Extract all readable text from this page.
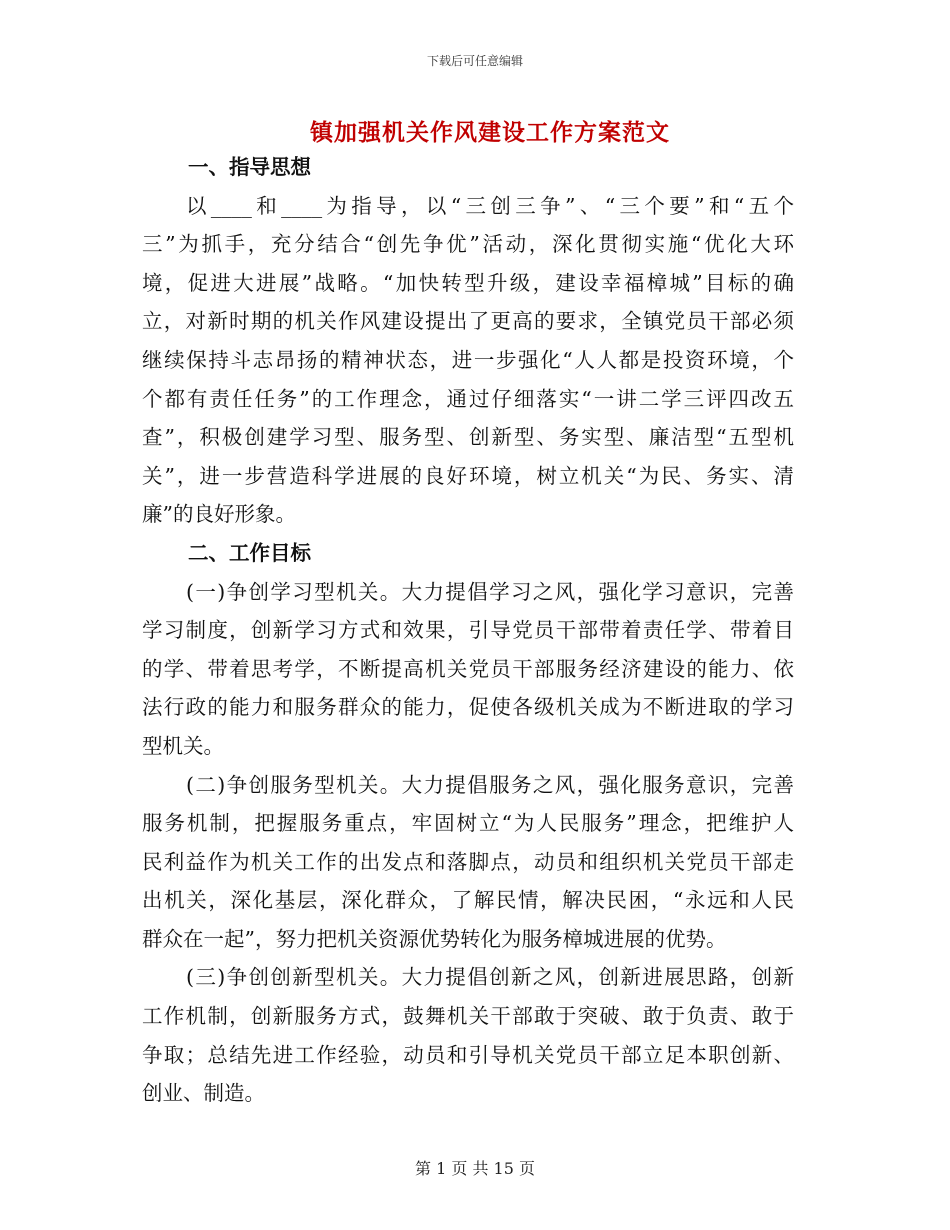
下载后可任意编辑
镇加强机关作风建设工作方案范文
一、指导思想
以____和____为指导，以“三创三争”、“三个要”和“五个
三”为抓手，充分结合“创先争优”活动，深化贯彻实施“优化大环
境，促进大进展”战略。“加快转型升级，建设幸福樟城”目标的确
立，对新时期的机关作风建设提出了更高的要求，全镇党员干部必须
继续保持斗志昂扬的精神状态，进一步强化“人人都是投资环境，个
个都有责任任务”的工作理念，通过仔细落实“一讲二学三评四改五
查”，积极创建学习型、服务型、创新型、务实型、廉洁型“五型机
关”，进一步营造科学进展的良好环境，树立机关“为民、务实、清
廉”的良好形象。
二、工作目标
(一)争创学习型机关。大力提倡学习之风，强化学习意识，完善
学习制度，创新学习方式和效果，引导党员干部带着责任学、带着目
的学、带着思考学，不断提高机关党员干部服务经济建设的能力、依
法行政的能力和服务群众的能力，促使各级机关成为不断进取的学习
型机关。
(二)争创服务型机关。大力提倡服务之风，强化服务意识，完善
服务机制，把握服务重点，牢固树立“为人民服务”理念，把维护人
民利益作为机关工作的出发点和落脚点，动员和组织机关党员干部走
出机关，深化基层，深化群众，了解民情，解决民困，“永远和人民
群众在一起”，努力把机关资源优势转化为服务樟城进展的优势。
(三)争创创新型机关。大力提倡创新之风，创新进展思路，创新
工作机制，创新服务方式，鼓舞机关干部敢于突破、敢于负责、敢于
争取；总结先进工作经验，动员和引导机关党员干部立足本职创新、
创业、制造。
第 1 页 共 15 页
